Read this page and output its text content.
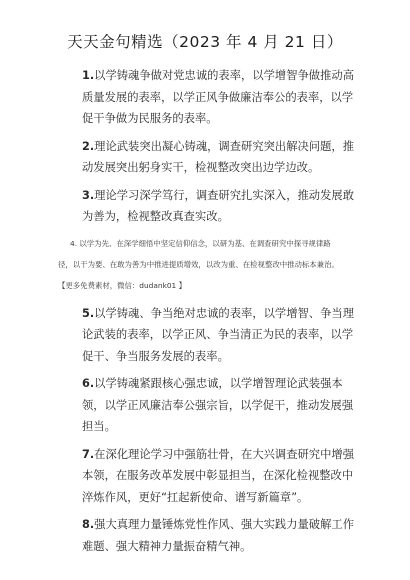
天天金句精选（2023 年 4 月 21 日）
1.以学铸魂争做对党忠诚的表率，以学增智争做推动高质量发展的表率，以学正风争做廉洁奉公的表率，以学促干争做为民服务的表率。
2.理论武装突出凝心铸魂，调查研究突出解决问题，推动发展突出躬身实干，检视整改突出边学边改。
3.理论学习深学笃行，调查研究扎实深入，推动发展敢为善为，检视整改真查实改。
4. 以学为先、在深学细悟中坚定信仰信念，以研为基、在调查研究中探寻规律路
径，以干为要、在敢为善为中推进提质增效，以改为重、在检视整改中推动标本兼治。
【更多免费素材，微信：dudank01 】
5.以学铸魂、争当绝对忠诚的表率，以学增智、争当理论武装的表率，以学正风、争当清正为民的表率，以学促干、争当服务发展的表率。
6.以学铸魂紧跟核心强忠诚，以学增智理论武装强本领，以学正风廉洁奉公强宗旨，以学促干，推动发展强担当。
7.在深化理论学习中强筋壮骨，在大兴调查研究中增强本领，在服务改革发展中彰显担当，在深化检视整改中淬炼作风，更好“扛起新使命、谱写新篇章”。
8.强大真理力量锤炼党性作风、强大实践力量破解工作难题、强大精神力量振奋精气神。
